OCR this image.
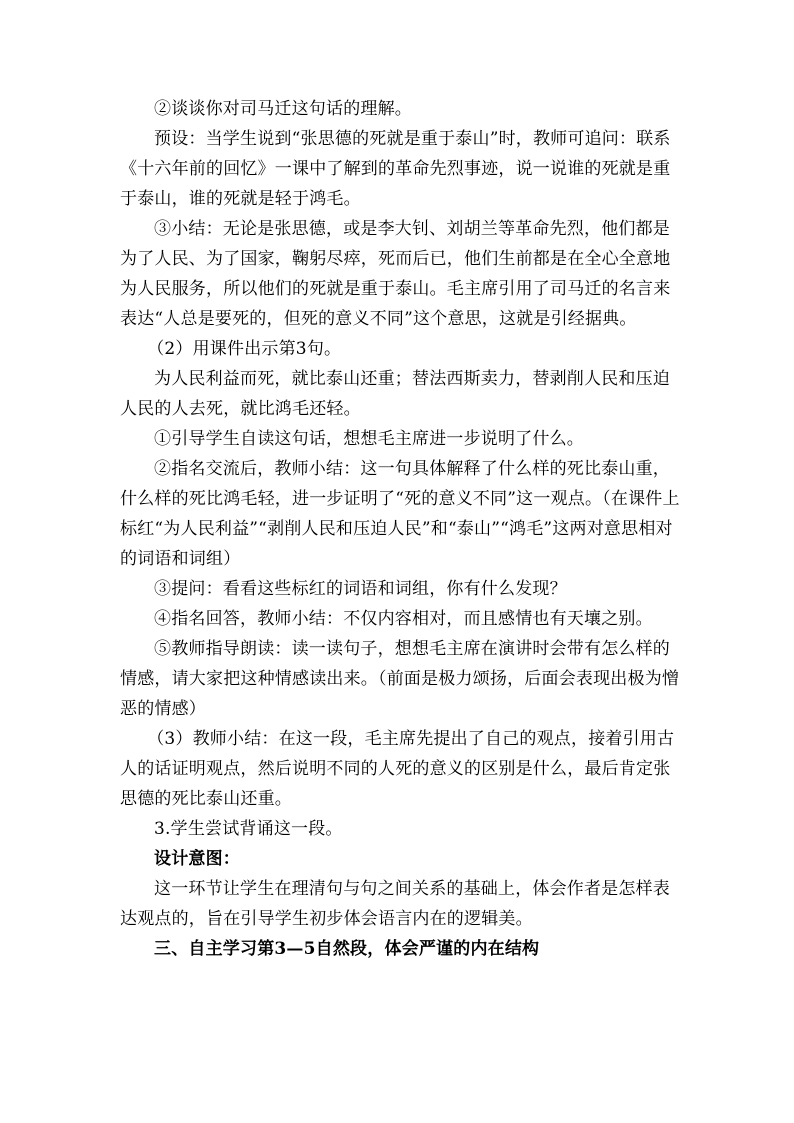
②谈谈你对司马迁这句话的理解。

预设：当学生说到“张思德的死就是重于泰山”时，教师可追问：联系《十六年前的回忆》一课中了解到的革命先烈事迹，说一说谁的死就是重于泰山，谁的死就是轻于鸿毛。

③小结：无论是张思德，或是李大钊、刘胡兰等革命先烈，他们都是为了人民、为了国家，鞠躬尽瘁，死而后已，他们生前都是在全心全意地为人民服务，所以他们的死就是重于泰山。毛主席引用了司马迁的名言来表达“人总是要死的，但死的意义不同”这个意思，这就是引经据典。

（2）用课件出示第3句。

为人民利益而死，就比泰山还重；替法西斯卖力，替剥削人民和压迫人民的人去死，就比鸿毛还轻。

①引导学生自读这句话，想想毛主席进一步说明了什么。

②指名交流后，教师小结：这一句具体解释了什么样的死比泰山重，什么样的死比鸿毛轻，进一步证明了“死的意义不同”这一观点。（在课件上标红“为人民利益”“剥削人民和压迫人民”和“泰山”“鸿毛”这两对意思相对的词语和词组）

③提问：看看这些标红的词语和词组，你有什么发现？

④指名回答，教师小结：不仅内容相对，而且感情也有天壤之别。

⑤教师指导朗读：读一读句子，想想毛主席在演讲时会带有怎么样的情感，请大家把这种情感读出来。（前面是极力颂扬，后面会表现出极为憎恶的情感）

（3）教师小结：在这一段，毛主席先提出了自己的观点，接着引用古人的话证明观点，然后说明不同的人死的意义的区别是什么，最后肯定张思德的死比泰山还重。

3.学生尝试背诵这一段。

设计意图：

这一环节让学生在理清句与句之间关系的基础上，体会作者是怎样表达观点的，旨在引导学生初步体会语言内在的逻辑美。

三、自主学习第3—5自然段，体会严谨的内在结构
